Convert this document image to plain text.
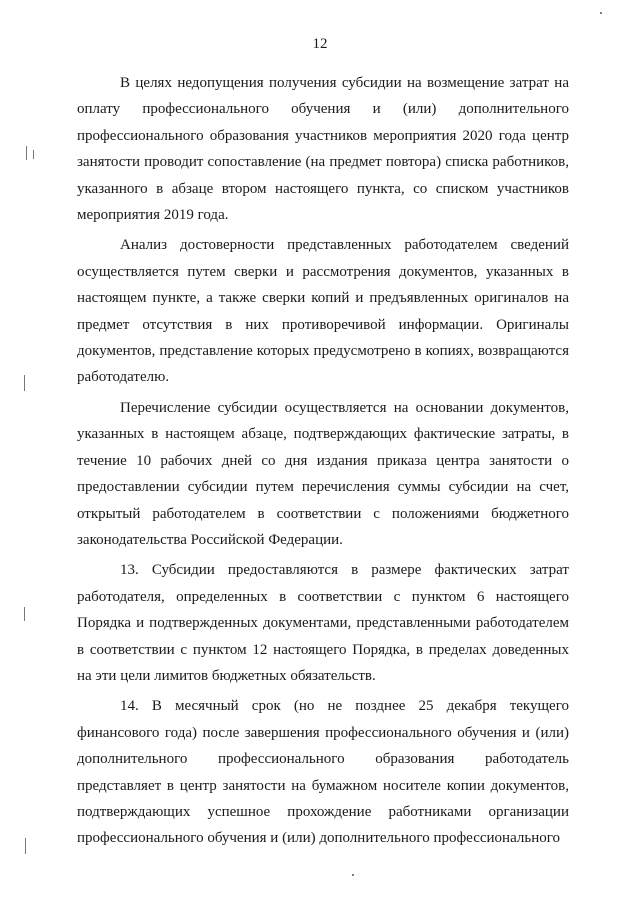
12

В целях недопущения получения субсидии на возмещение затрат на оплату профессионального обучения и (или) дополнительного профессионального образования участников мероприятия 2020 года центр занятости проводит сопоставление (на предмет повтора) списка работников, указанного в абзаце втором настоящего пункта, со списком участников мероприятия 2019 года.

Анализ достоверности представленных работодателем сведений осуществляется путем сверки и рассмотрения документов, указанных в настоящем пункте, а также сверки копий и предъявленных оригиналов на предмет отсутствия в них противоречивой информации. Оригиналы документов, представление которых предусмотрено в копиях, возвращаются работодателю.

Перечисление субсидии осуществляется на основании документов, указанных в настоящем абзаце, подтверждающих фактические затраты, в течение 10 рабочих дней со дня издания приказа центра занятости о предоставлении субсидии путем перечисления суммы субсидии на счет, открытый работодателем в соответствии с положениями бюджетного законодательства Российской Федерации.

13. Субсидии предоставляются в размере фактических затрат работодателя, определенных в соответствии с пунктом 6 настоящего Порядка и подтвержденных документами, представленными работодателем в соответствии с пунктом 12 настоящего Порядка, в пределах доведенных на эти цели лимитов бюджетных обязательств.

14. В месячный срок (но не позднее 25 декабря текущего финансового года) после завершения профессионального обучения и (или) дополнительного профессионального образования работодатель представляет в центр занятости на бумажном носителе копии документов, подтверждающих успешное прохождение работниками организации профессионального обучения и (или) дополнительного профессионального
